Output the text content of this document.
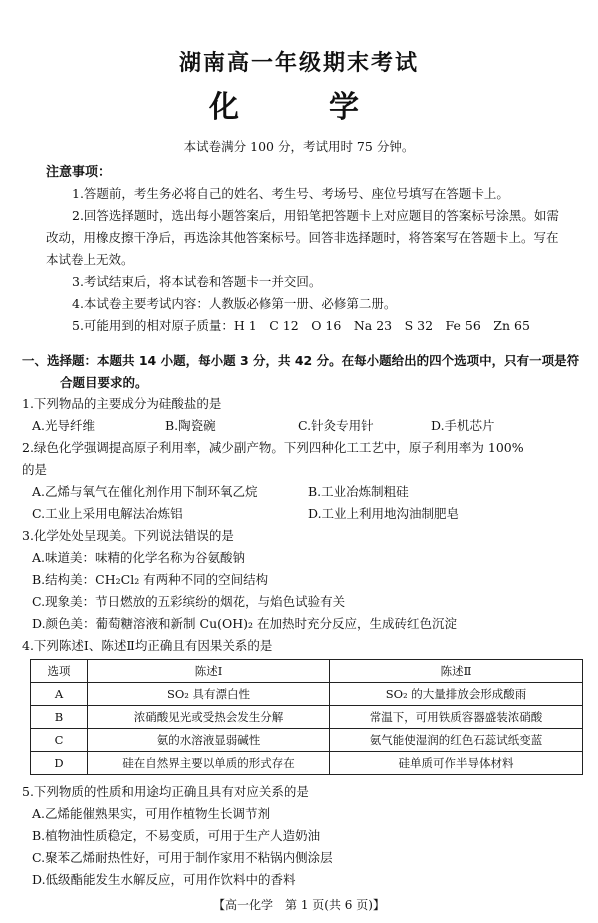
湖南高一年级期末考试
化　学
本试卷满分 100 分，考试用时 75 分钟。
注意事项：
1.答题前，考生务必将自己的姓名、考生号、考场号、座位号填写在答题卡上。
2.回答选择题时，选出每小题答案后，用铅笔把答题卡上对应题目的答案标号涂黑。如需改动，用橡皮擦干净后，再选涂其他答案标号。回答非选择题时，将答案写在答题卡上。写在本试卷上无效。
3.考试结束后，将本试卷和答题卡一并交回。
4.本试卷主要考试内容：人教版必修第一册、必修第二册。
5.可能用到的相对原子质量：H 1　C 12　O 16　Na 23　S 32　Fe 56　Zn 65
一、选择题：本题共 14 小题，每小题 3 分，共 42 分。在每小题给出的四个选项中，只有一项是符
合题目要求的。
1.下列物品的主要成分为硅酸盐的是
A.光导纤维	B.陶瓷碗	C.针灸专用针	D.手机芯片
2.绿色化学强调提高原子利用率，减少副产物。下列四种化工工艺中，原子利用率为 100%
的是
A.乙烯与氧气在催化剂作用下制环氧乙烷	B.工业冶炼制粗硅
C.工业上采用电解法冶炼铝	D.工业上利用地沟油制肥皂
3.化学处处呈现美。下列说法错误的是
A.味道美：味精的化学名称为谷氨酸钠
B.结构美：CH₂Cl₂ 有两种不同的空间结构
C.现象美：节日燃放的五彩缤纷的烟花，与焰色试验有关
D.颜色美：葡萄糖溶液和新制 Cu(OH)₂ 在加热时充分反应，生成砖红色沉淀
4.下列陈述Ⅰ、陈述Ⅱ均正确且有因果关系的是
选项	陈述Ⅰ	陈述Ⅱ
A	SO₂ 具有漂白性	SO₂ 的大量排放会形成酸雨
B	浓硝酸见光或受热会发生分解	常温下，可用铁质容器盛装浓硝酸
C	氨的水溶液显弱碱性	氨气能使湿润的红色石蕊试纸变蓝
D	硅在自然界主要以单质的形式存在	硅单质可作半导体材料
5.下列物质的性质和用途均正确且具有对应关系的是
A.乙烯能催熟果实，可用作植物生长调节剂
B.植物油性质稳定，不易变质，可用于生产人造奶油
C.聚苯乙烯耐热性好，可用于制作家用不粘锅内侧涂层
D.低级酯能发生水解反应，可用作饮料中的香料
【高一化学　第 1 页(共 6 页)】
